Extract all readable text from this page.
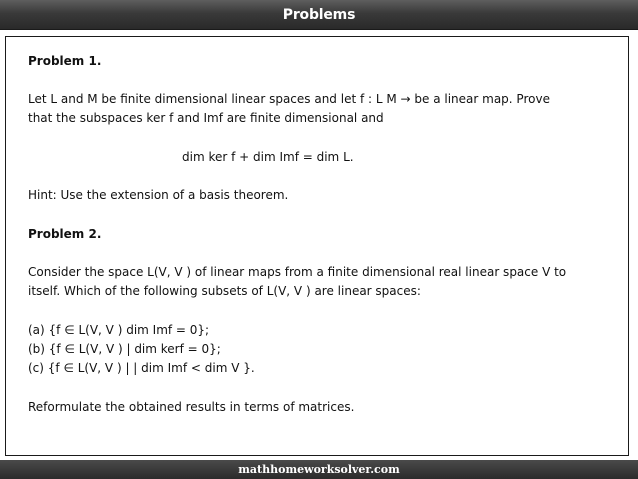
Problems
Problem 1.
Let L and M be finite dimensional linear spaces and let f : L M → be a linear map. Prove
that the subspaces ker f and Imf are finite dimensional and
dim ker f + dim Imf = dim L.
Hint: Use the extension of a basis theorem.
Problem 2.
Consider the space L(V, V ) of linear maps from a finite dimensional real linear space V to
itself. Which of the following subsets of L(V, V ) are linear spaces:
(a) {f ∈ L(V, V ) dim Imf = 0};
(b) {f ∈ L(V, V ) | dim kerf = 0};
(c) {f ∈ L(V, V ) | | dim Imf < dim V }.
Reformulate the obtained results in terms of matrices.
mathhomeworksolver.com
